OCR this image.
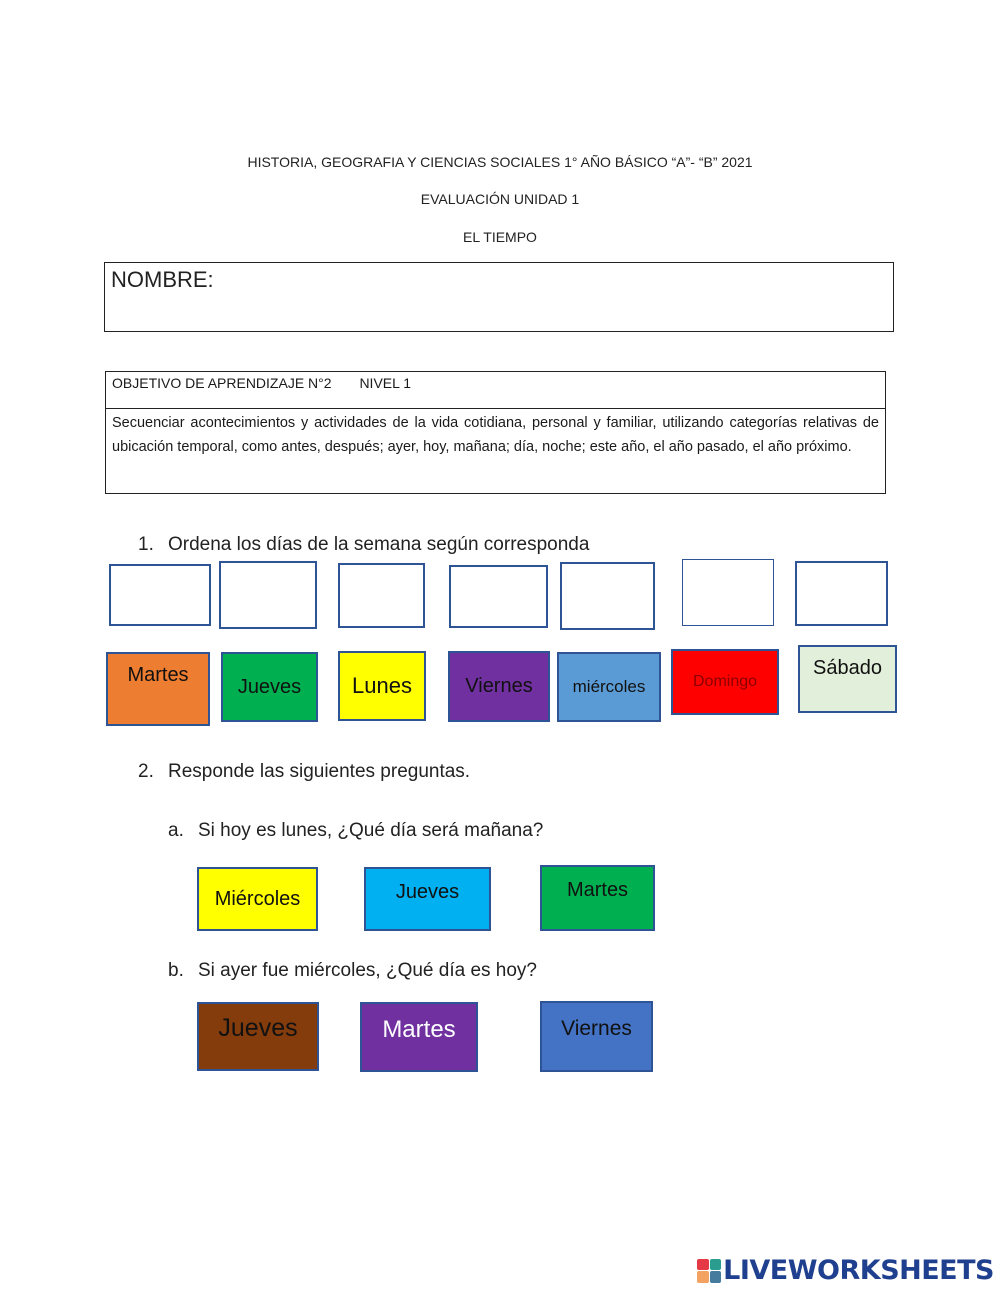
HISTORIA, GEOGRAFIA Y CIENCIAS SOCIALES 1° AÑO BÁSICO “A”- “B” 2021
EVALUACIÓN UNIDAD 1
EL TIEMPO
NOMBRE:
OBJETIVO DE APRENDIZAJE N°2 NIVEL 1
Secuenciar acontecimientos y actividades de la vida cotidiana, personal y familiar, utilizando categorías relativas de ubicación temporal, como antes, después; ayer, hoy, mañana; día, noche; este año, el año pasado, el año próximo.
1. Ordena los días de la semana según corresponda
Martes
Jueves Lunes	Viernes miércoles	Domingo
Sábado
2. Responde las siguientes preguntas.
a. Si hoy es lunes, ¿Qué día será mañana?
Miércoles	Jueves	Martes
b. Si ayer fue miércoles, ¿Qué día es hoy?
Jueves	Martes	Viernes
LIVEWORKSHEETS
